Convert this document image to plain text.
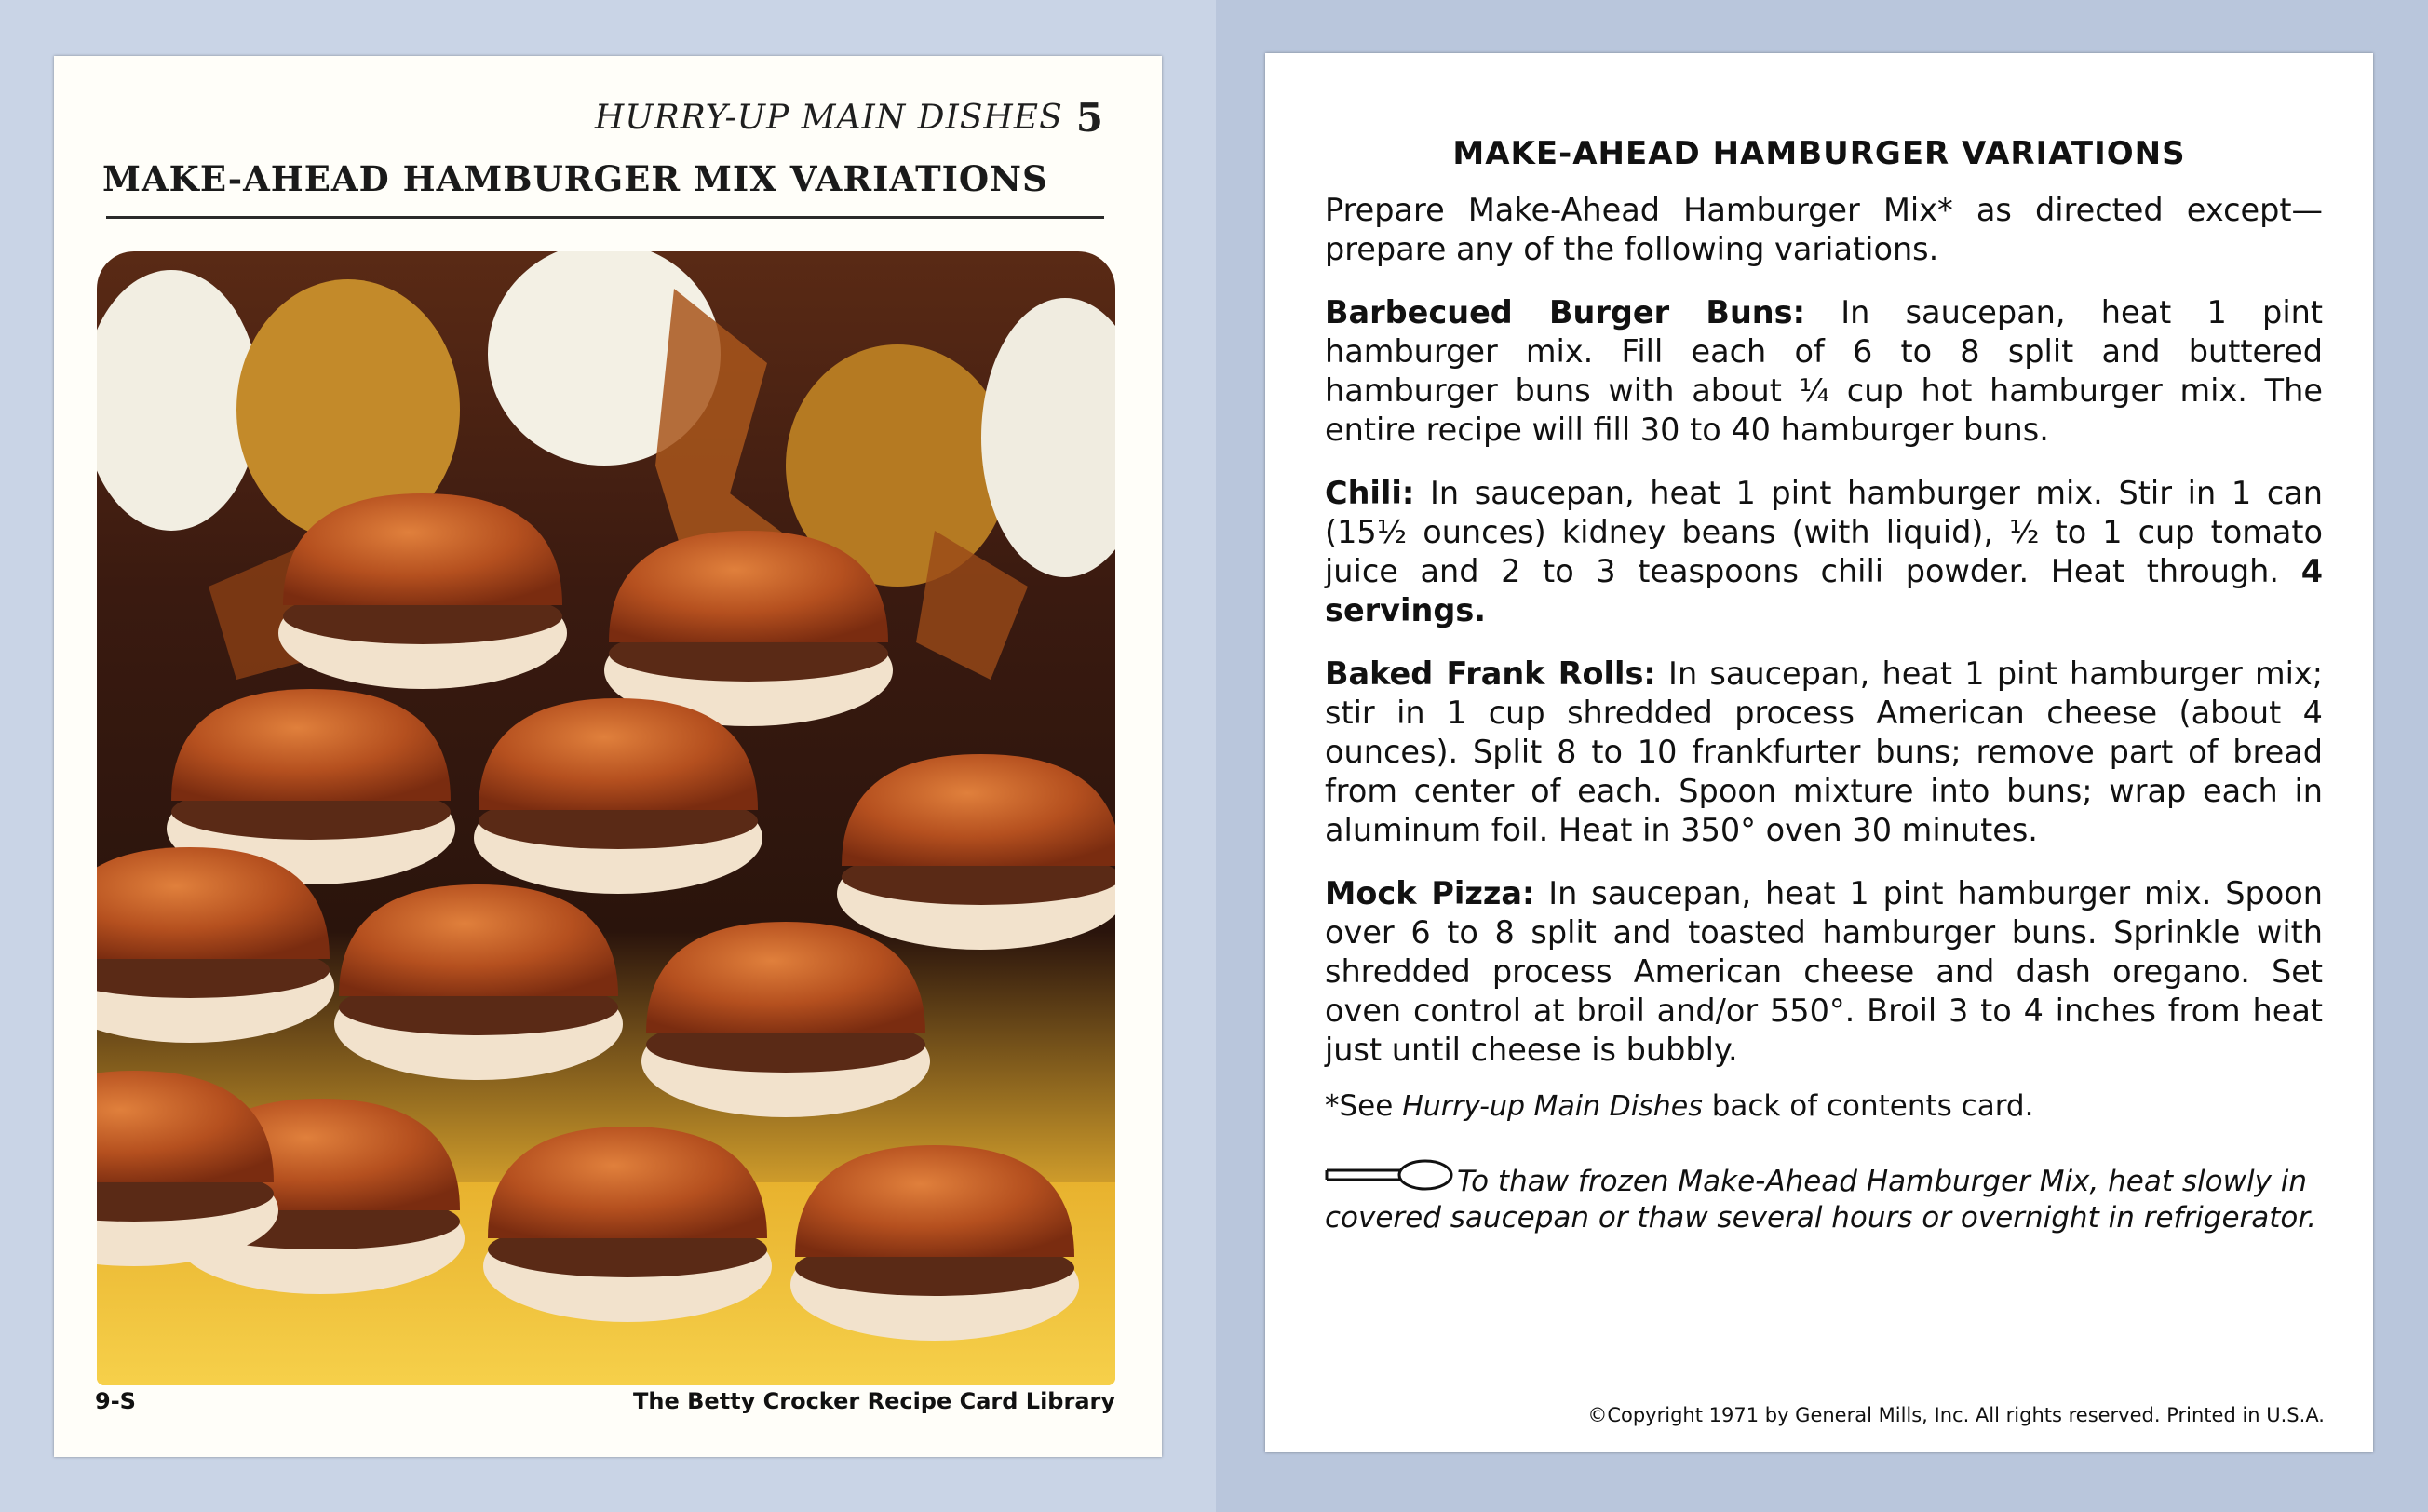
HURRY-UP MAIN DISHES 5
MAKE-AHEAD HAMBURGER MIX VARIATIONS
9-S	The Betty Crocker Recipe Card Library
MAKE-AHEAD HAMBURGER VARIATIONS

Prepare Make-Ahead Hamburger Mix* as directed except—prepare any of the following variations.

Barbecued Burger Buns: In saucepan, heat 1 pint hamburger mix. Fill each of 6 to 8 split and buttered hamburger buns with about ¼ cup hot hamburger mix. The entire recipe will fill 30 to 40 hamburger buns.

Chili: In saucepan, heat 1 pint hamburger mix. Stir in 1 can (15½ ounces) kidney beans (with liquid), ½ to 1 cup tomato juice and 2 to 3 teaspoons chili powder. Heat through. 4 servings.

Baked Frank Rolls: In saucepan, heat 1 pint hamburger mix; stir in 1 cup shredded process American cheese (about 4 ounces). Split 8 to 10 frankfurter buns; remove part of bread from center of each. Spoon mixture into buns; wrap each in aluminum foil. Heat in 350° oven 30 minutes.

Mock Pizza: In saucepan, heat 1 pint hamburger mix. Spoon over 6 to 8 split and toasted hamburger buns. Sprinkle with shredded process American cheese and dash oregano. Set oven control at broil and/or 550°. Broil 3 to 4 inches from heat just until cheese is bubbly.

*See Hurry-up Main Dishes back of contents card.

To thaw frozen Make-Ahead Hamburger Mix, heat slowly in covered saucepan or thaw several hours or overnight in refrigerator.
©Copyright 1971 by General Mills, Inc. All rights reserved. Printed in U.S.A.
